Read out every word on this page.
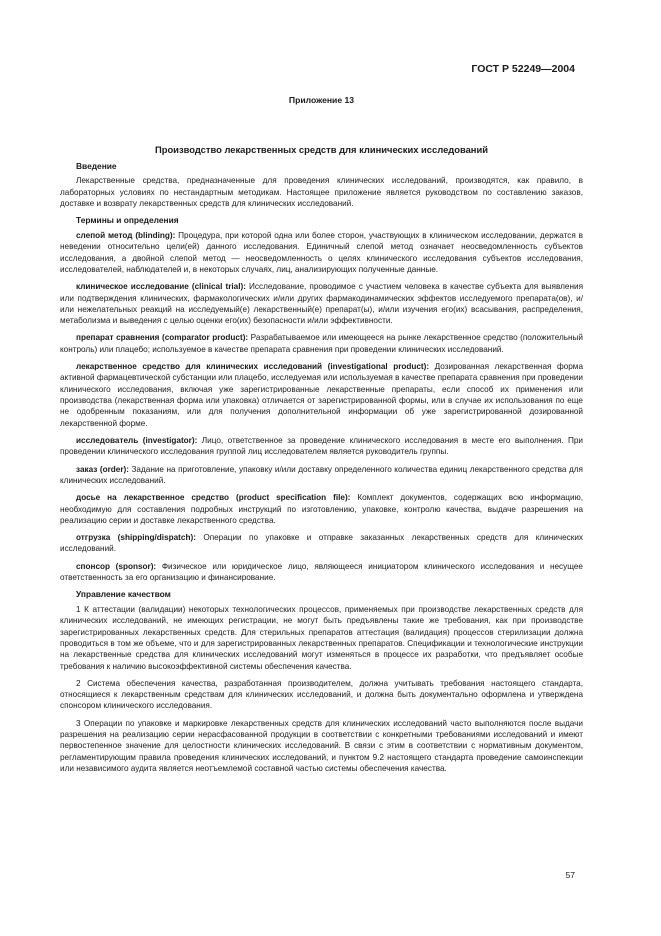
ГОСТ Р 52249—2004
Приложение 13
Производство лекарственных средств для клинических исследований
Введение

Лекарственные средства, предназначенные для проведения клинических исследований, производятся, как правило, в лабораторных условиях по нестандартным методикам. Настоящее приложение является руководством по составлению заказов, доставке и возврату лекарственных средств для клинических исследований.

Термины и определения

слепой метод (blinding): Процедура, при которой одна или более сторон, участвующих в клиническом исследовании, держатся в неведении относительно цели(ей) данного исследования. Единичный слепой метод означает неосведомленность субъектов исследования, а двойной слепой метод — неосведомленность о целях клинического исследования субъектов исследования, исследователей, наблюдателей и, в некоторых случаях, лиц, анализирующих полученные данные.

клиническое исследование (clinical trial): Исследование, проводимое с участием человека в качестве субъекта для выявления или подтверждения клинических, фармакологических и/или других фармакодинамических эффектов исследуемого препарата(ов), и/или нежелательных реакций на исследуемый(е) лекарственный(е) препарат(ы), и/или изучения его(их) всасывания, распределения, метаболизма и выведения с целью оценки его(их) безопасности и/или эффективности.

препарат сравнения (comparator product): Разрабатываемое или имеющееся на рынке лекарственное средство (положительный контроль) или плацебо; используемое в качестве препарата сравнения при проведении клинических исследований.

лекарственное средство для клинических исследований (investigational product): Дозированная лекарственная форма активной фармацевтической субстанции или плацебо, исследуемая или используемая в качестве препарата сравнения при проведении клинического исследования, включая уже зарегистрированные лекарственные препараты, если способ их применения или производства (лекарственная форма или упаковка) отличается от зарегистрированной формы, или в случае их использования по еще не одобренным показаниям, или для получения дополнительной информации об уже зарегистрированной дозированной лекарственной форме.

исследователь (investigator): Лицо, ответственное за проведение клинического исследования в месте его выполнения. При проведении клинического исследования группой лиц исследователем является руководитель группы.

заказ (order): Задание на приготовление, упаковку и/или доставку определенного количества единиц лекарственного средства для клинических исследований.

досье на лекарственное средство (product specification file): Комплект документов, содержащих всю информацию, необходимую для составления подробных инструкций по изготовлению, упаковке, контролю качества, выдаче разрешения на реализацию серии и доставке лекарственного средства.

отгрузка (shipping/dispatch): Операции по упаковке и отправке заказанных лекарственных средств для клинических исследований.

спонсор (sponsor): Физическое или юридическое лицо, являющееся инициатором клинического исследования и несущее ответственность за его организацию и финансирование.

Управление качеством

1 К аттестации (валидации) некоторых технологических процессов, применяемых при производстве лекарственных средств для клинических исследований, не имеющих регистрации, не могут быть предъявлены такие же требования, как при производстве зарегистрированных лекарственных средств. Для стерильных препаратов аттестация (валидация) процессов стерилизации должна проводиться в том же объеме, что и для зарегистрированных лекарственных препаратов. Спецификации и технологические инструкции на лекарственные средства для клинических исследований могут изменяться в процессе их разработки, что предъявляет особые требования к наличию высокоэффективной системы обеспечения качества.

2 Система обеспечения качества, разработанная производителем, должна учитывать требования настоящего стандарта, относящиеся к лекарственным средствам для клинических исследований, и должна быть документально оформлена и утверждена спонсором клинического исследования.

3 Операции по упаковке и маркировке лекарственных средств для клинических исследований часто выполняются после выдачи разрешения на реализацию серии нерасфасованной продукции в соответствии с конкретными требованиями исследований и имеют первостепенное значение для целостности клинических исследований. В связи с этим в соответствии с нормативным документом, регламентирующим правила проведения клинических исследований, и пунктом 9.2 настоящего стандарта проведение самоинспекции или независимого аудита является неотъемлемой составной частью системы обеспечения качества.

57
